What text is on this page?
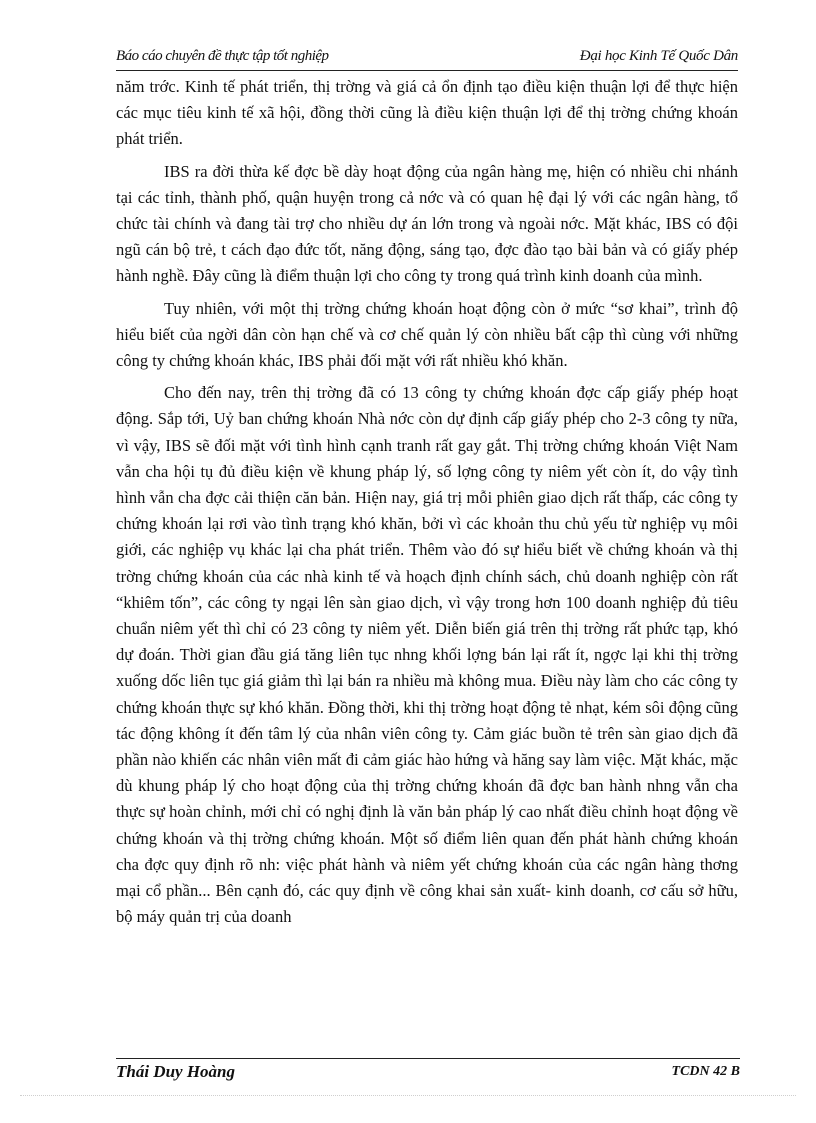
Báo cáo chuyên đề thực tập tốt nghiệp	Đại học Kinh Tế Quốc Dân

năm trớc. Kinh tế phát triển, thị trờng và giá cả ổn định tạo điều kiện thuận lợi để thực hiện các mục tiêu kinh tế xã hội, đồng thời cũng là điều kiện thuận lợi để thị trờng chứng khoán phát triển.

IBS ra đời thừa kế đợc bề dày hoạt động của ngân hàng mẹ, hiện có nhiều chi nhánh tại các tỉnh, thành phố, quận huyện trong cả nớc và có quan hệ đại lý với các ngân hàng, tổ chức tài chính và đang tài trợ cho nhiều dự án lớn trong và ngoài nớc. Mặt khác, IBS có đội ngũ cán bộ trẻ, t cách đạo đức tốt, năng động, sáng tạo, đợc đào tạo bài bản và có giấy phép hành nghề. Đây cũng là điểm thuận lợi cho công ty trong quá trình kinh doanh của mình.

Tuy nhiên, với một thị trờng chứng khoán hoạt động còn ở mức “sơ khai”, trình độ hiểu biết của ngời dân còn hạn chế và cơ chế quản lý còn nhiều bất cập thì cùng với những công ty chứng khoán khác, IBS phải đối mặt với rất nhiều khó khăn.

Cho đến nay, trên thị trờng đã có 13 công ty chứng khoán đợc cấp giấy phép hoạt động. Sắp tới, Uỷ ban chứng khoán Nhà nớc còn dự định cấp giấy phép cho 2-3 công ty nữa, vì vậy, IBS sẽ đối mặt với tình hình cạnh tranh rất gay gắt. Thị trờng chứng khoán Việt Nam vẫn cha hội tụ đủ điều kiện về khung pháp lý, số lợng công ty niêm yết còn ít, do vậy tình hình vẫn cha đợc cải thiện căn bản. Hiện nay, giá trị mỗi phiên giao dịch rất thấp, các công ty chứng khoán lại rơi vào tình trạng khó khăn, bởi vì các khoản thu chủ yếu từ nghiệp vụ môi giới, các nghiệp vụ khác lại cha phát triển. Thêm vào đó sự hiểu biết về chứng khoán và thị trờng chứng khoán của các nhà kinh tế và hoạch định chính sách, chủ doanh nghiệp còn rất “khiêm tốn”, các công ty ngại lên sàn giao dịch, vì vậy trong hơn 100 doanh nghiệp đủ tiêu chuẩn niêm yết thì chỉ có 23 công ty niêm yết. Diễn biến giá trên thị trờng rất phức tạp, khó dự đoán. Thời gian đầu giá tăng liên tục nhng khối lợng bán lại rất ít, ngợc lại khi thị trờng xuống dốc liên tục giá giảm thì lại bán ra nhiều mà không mua. Điều này làm cho các công ty chứng khoán thực sự khó khăn. Đồng thời, khi thị trờng hoạt động tẻ nhạt, kém sôi động cũng tác động không ít đến tâm lý của nhân viên công ty. Cảm giác buồn tẻ trên sàn giao dịch đã phần nào khiến các nhân viên mất đi cảm giác hào hứng và hăng say làm việc. Mặt khác, mặc dù khung pháp lý cho hoạt động của thị trờng chứng khoán đã đợc ban hành nhng vẫn cha thực sự hoàn chỉnh, mới chỉ có nghị định là văn bản pháp lý cao nhất điều chỉnh hoạt động về chứng khoán và thị trờng chứng khoán. Một số điểm liên quan đến phát hành chứng khoán cha đợc quy định rõ nh: việc phát hành và niêm yết chứng khoán của các ngân hàng thơng mại cổ phần... Bên cạnh đó, các quy định về công khai sản xuất- kinh doanh, cơ cấu sở hữu, bộ máy quản trị của doanh

Thái Duy Hoàng	TCDN 42 B
